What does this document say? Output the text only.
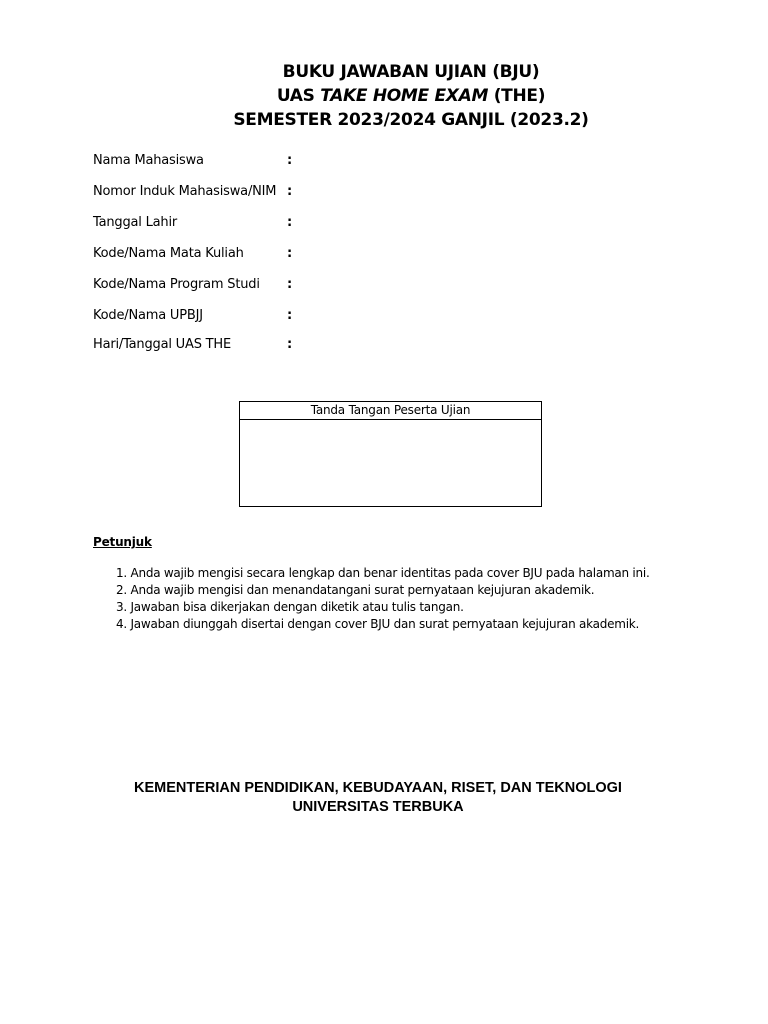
BUKU JAWABAN UJIAN (BJU)
UAS TAKE HOME EXAM (THE)
SEMESTER 2023/2024 GANJIL (2023.2)
Nama Mahasiswa	:
Nomor Induk Mahasiswa/NIM :
Tanggal Lahir	:
Kode/Nama Mata Kuliah	:
Kode/Nama Program Studi :
Kode/Nama UPBJJ	:
Hari/Tanggal UAS THE	:
Tanda Tangan Peserta Ujian
Petunjuk
1. Anda wajib mengisi secara lengkap dan benar identitas pada cover BJU pada halaman ini.
2. Anda wajib mengisi dan menandatangani surat pernyataan kejujuran akademik.
3. Jawaban bisa dikerjakan dengan diketik atau tulis tangan.
4. Jawaban diunggah disertai dengan cover BJU dan surat pernyataan kejujuran akademik.
KEMENTERIAN PENDIDIKAN, KEBUDAYAAN, RISET, DAN TEKNOLOGI
UNIVERSITAS TERBUKA
